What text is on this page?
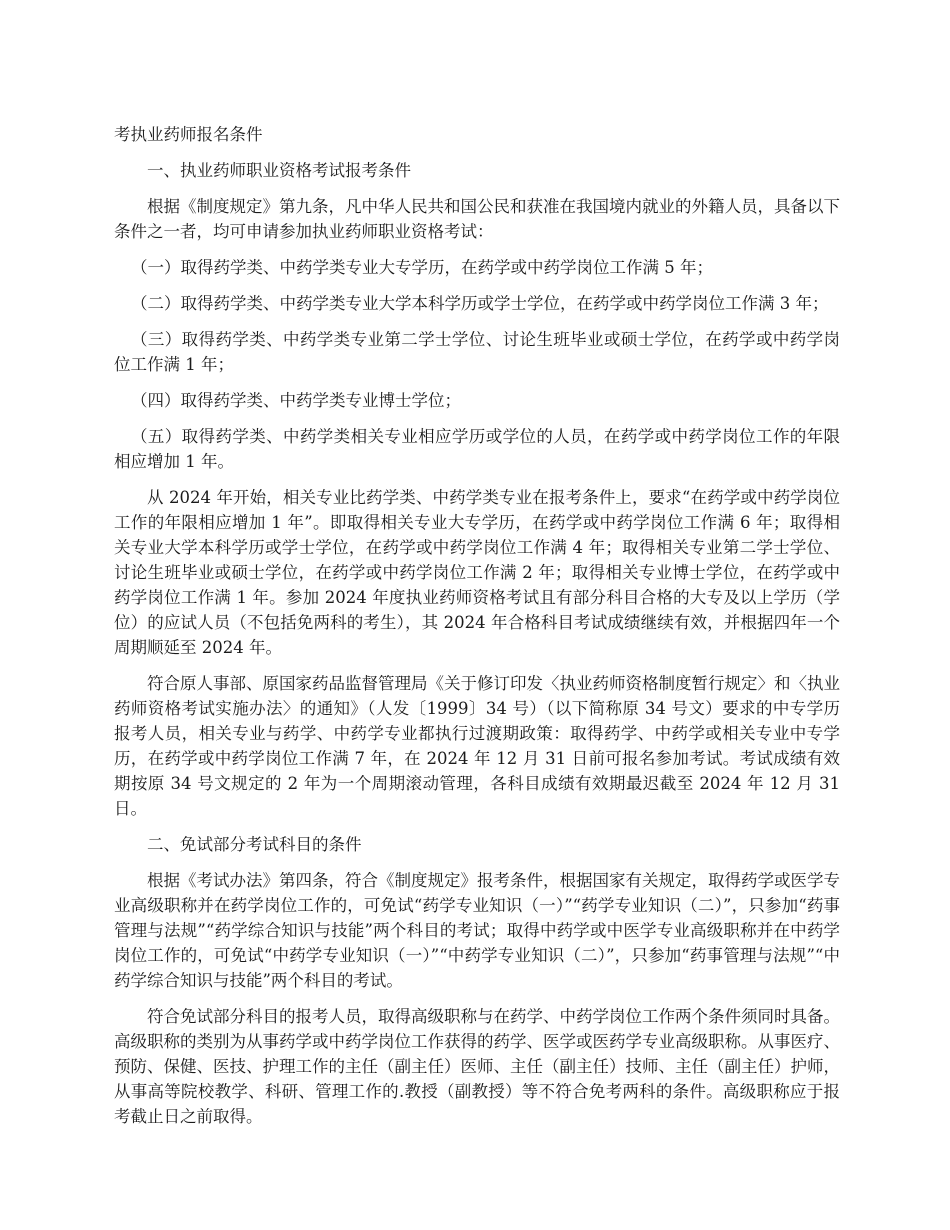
考执业药师报名条件

一、执业药师职业资格考试报考条件

根据《制度规定》第九条，凡中华人民共和国公民和获准在我国境内就业的外籍人员，具备以下条件之一者，均可申请参加执业药师职业资格考试：

（一）取得药学类、中药学类专业大专学历，在药学或中药学岗位工作满 5 年；

（二）取得药学类、中药学类专业大学本科学历或学士学位，在药学或中药学岗位工作满 3 年；

（三）取得药学类、中药学类专业第二学士学位、讨论生班毕业或硕士学位，在药学或中药学岗位工作满 1 年；

（四）取得药学类、中药学类专业博士学位；

（五）取得药学类、中药学类相关专业相应学历或学位的人员，在药学或中药学岗位工作的年限相应增加 1 年。

从 2024 年开始，相关专业比药学类、中药学类专业在报考条件上，要求“在药学或中药学岗位工作的年限相应增加 1 年”。即取得相关专业大专学历，在药学或中药学岗位工作满 6 年；取得相关专业大学本科学历或学士学位，在药学或中药学岗位工作满 4 年；取得相关专业第二学士学位、讨论生班毕业或硕士学位，在药学或中药学岗位工作满 2 年；取得相关专业博士学位，在药学或中药学岗位工作满 1 年。参加 2024 年度执业药师资格考试且有部分科目合格的大专及以上学历（学位）的应试人员（不包括免两科的考生），其 2024 年合格科目考试成绩继续有效，并根据四年一个周期顺延至 2024 年。

符合原人事部、原国家药品监督管理局《关于修订印发〈执业药师资格制度暂行规定〉和〈执业药师资格考试实施办法〉的通知》（人发〔1999〕34 号）（以下简称原 34 号文）要求的中专学历报考人员，相关专业与药学、中药学专业都执行过渡期政策：取得药学、中药学或相关专业中专学历，在药学或中药学岗位工作满 7 年，在 2024 年 12 月 31 日前可报名参加考试。考试成绩有效期按原 34 号文规定的 2 年为一个周期滚动管理，各科目成绩有效期最迟截至 2024 年 12 月 31 日。

二、免试部分考试科目的条件

根据《考试办法》第四条，符合《制度规定》报考条件，根据国家有关规定，取得药学或医学专业高级职称并在药学岗位工作的，可免试“药学专业知识（一）”“药学专业知识（二）”，只参加“药事管理与法规”“药学综合知识与技能”两个科目的考试；取得中药学或中医学专业高级职称并在中药学岗位工作的，可免试“中药学专业知识（一）”“中药学专业知识（二）”，只参加“药事管理与法规”“中药学综合知识与技能”两个科目的考试。

符合免试部分科目的报考人员，取得高级职称与在药学、中药学岗位工作两个条件须同时具备。高级职称的类别为从事药学或中药学岗位工作获得的药学、医学或医药学专业高级职称。从事医疗、预防、保健、医技、护理工作的主任（副主任）医师、主任（副主任）技师、主任（副主任）护师，从事高等院校教学、科研、管理工作的.教授（副教授）等不符合免考两科的条件。高级职称应于报考截止日之前取得。
